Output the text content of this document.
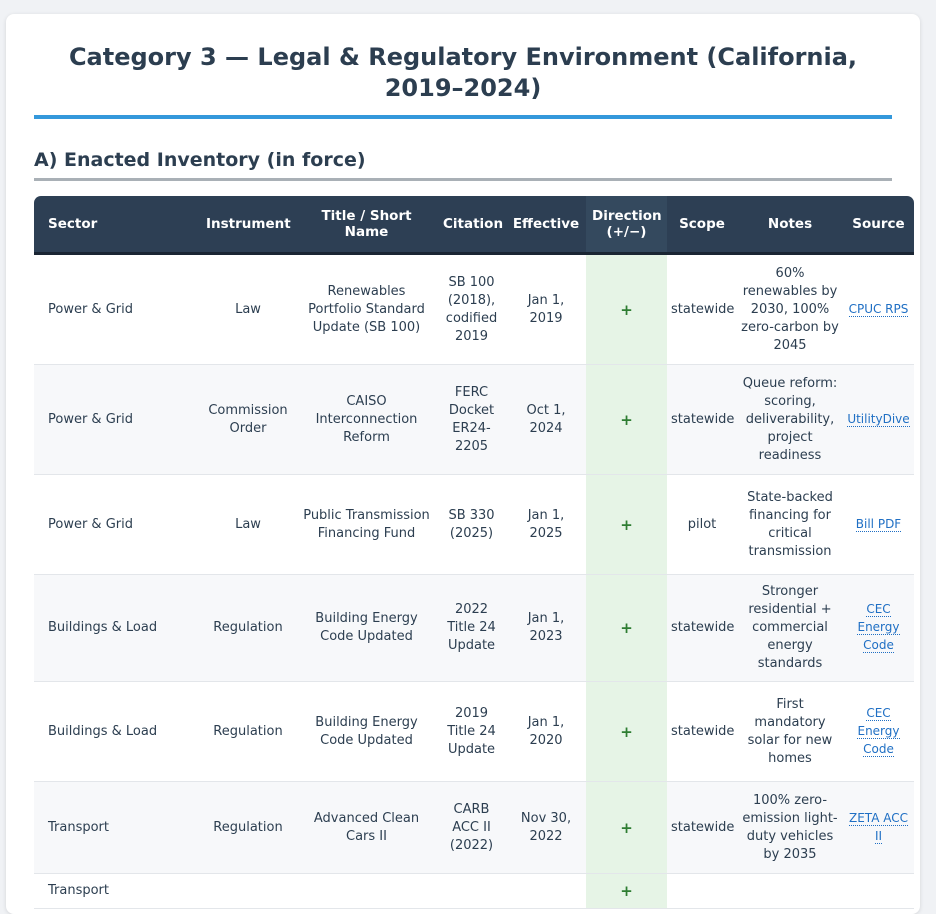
Category 3 — Legal & Regulatory Environment (California, 2019–2024)
A) Enacted Inventory (in force)
Sector	Instrument	Title / Short Name	Citation	Effective	Direction (+/−)	Scope	Notes	Source
Power & Grid	Law	Renewables Portfolio Standard Update (SB 100)	SB 100 (2018), codified 2019	Jan 1, 2019	+	statewide	60% renewables by 2030, 100% zero-carbon by 2045	CPUC RPS
Power & Grid	Commission Order	CAISO Interconnection Reform	FERC Docket ER24-2205	Oct 1, 2024	+	statewide	Queue reform: scoring, deliverability, project readiness	UtilityDive
Power & Grid	Law	Public Transmission Financing Fund	SB 330 (2025)	Jan 1, 2025	+	pilot	State-backed financing for critical transmission	Bill PDF
Buildings & Load	Regulation	Building Energy Code Updated	2022 Title 24 Update	Jan 1, 2023	+	statewide	Stronger residential + commercial energy standards	CEC Energy Code
Buildings & Load	Regulation	Building Energy Code Updated	2019 Title 24 Update	Jan 1, 2020	+	statewide	First mandatory solar for new homes	CEC Energy Code
Transport	Regulation	Advanced Clean Cars II	CARB ACC II (2022)	Nov 30, 2022	+	statewide	100% zero-emission light-duty vehicles by 2035	ZETA ACC II
Transport					+			
